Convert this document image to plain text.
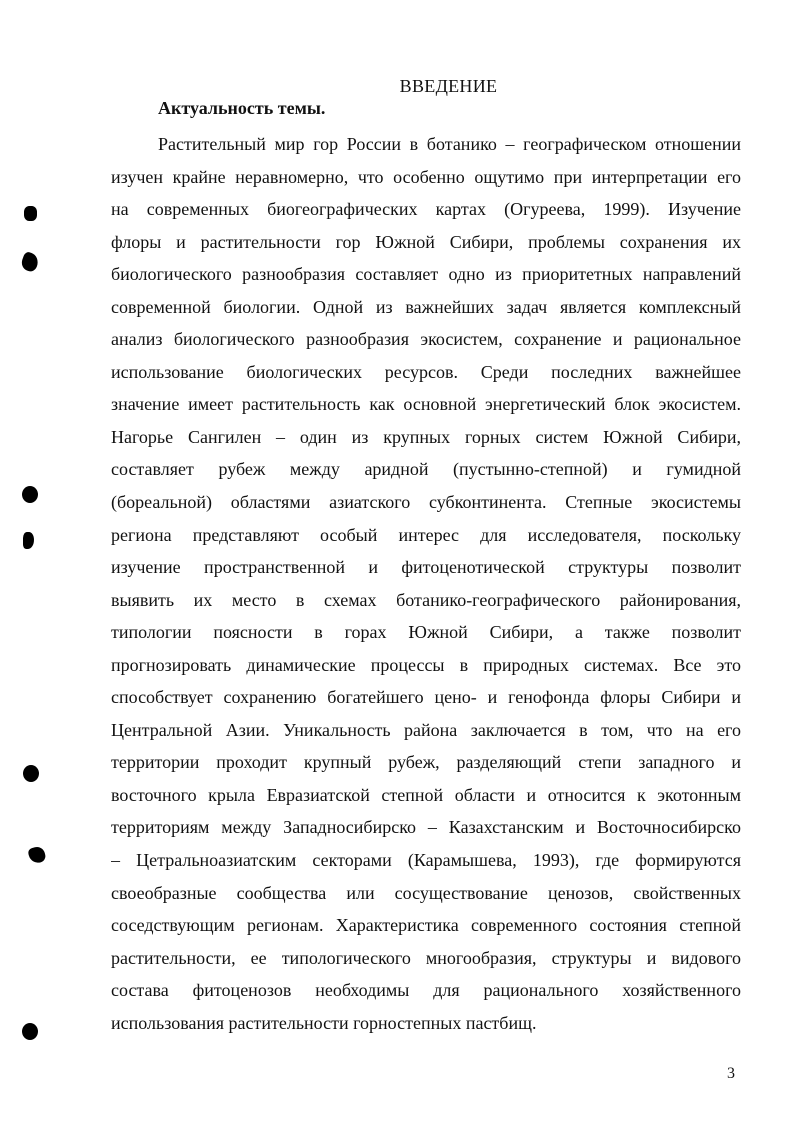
ВВЕДЕНИЕ
Актуальность темы.
Растительный мир гор России в ботанико – географическом отношении
изучен крайне неравномерно, что особенно ощутимо при интерпретации его
на современных биогеографических картах (Огуреева, 1999). Изучение
флоры и растительности гор Южной Сибири, проблемы сохранения их
биологического разнообразия составляет одно из приоритетных направлений
современной биологии. Одной из важнейших задач является комплексный
анализ биологического разнообразия экосистем, сохранение и рациональное
использование биологических ресурсов. Среди последних важнейшее
значение имеет растительность как основной энергетический блок экосистем.
Нагорье Сангилен – один из крупных горных систем Южной Сибири,
составляет рубеж между аридной (пустынно-степной) и гумидной
(бореальной) областями азиатского субконтинента. Степные экосистемы
региона представляют особый интерес для исследователя, поскольку
изучение пространственной и фитоценотической структуры позволит
выявить их место в схемах ботанико-географического районирования,
типологии поясности в горах Южной Сибири, а также позволит
прогнозировать динамические процессы в природных системах. Все это
способствует сохранению богатейшего цено- и генофонда флоры Сибири и
Центральной Азии. Уникальность района заключается в том, что на его
территории проходит крупный рубеж, разделяющий степи западного и
восточного крыла Евразиатской степной области и относится к экотонным
территориям между Западносибирско – Казахстанским и Восточносибирско
– Цетральноазиатским секторами (Карамышева, 1993), где формируются
своеобразные сообщества или сосуществование ценозов, свойственных
соседствующим регионам. Характеристика современного состояния степной
растительности, ее типологического многообразия, структуры и видового
состава фитоценозов необходимы для рационального хозяйственного
использования растительности горностепных пастбищ.
3
